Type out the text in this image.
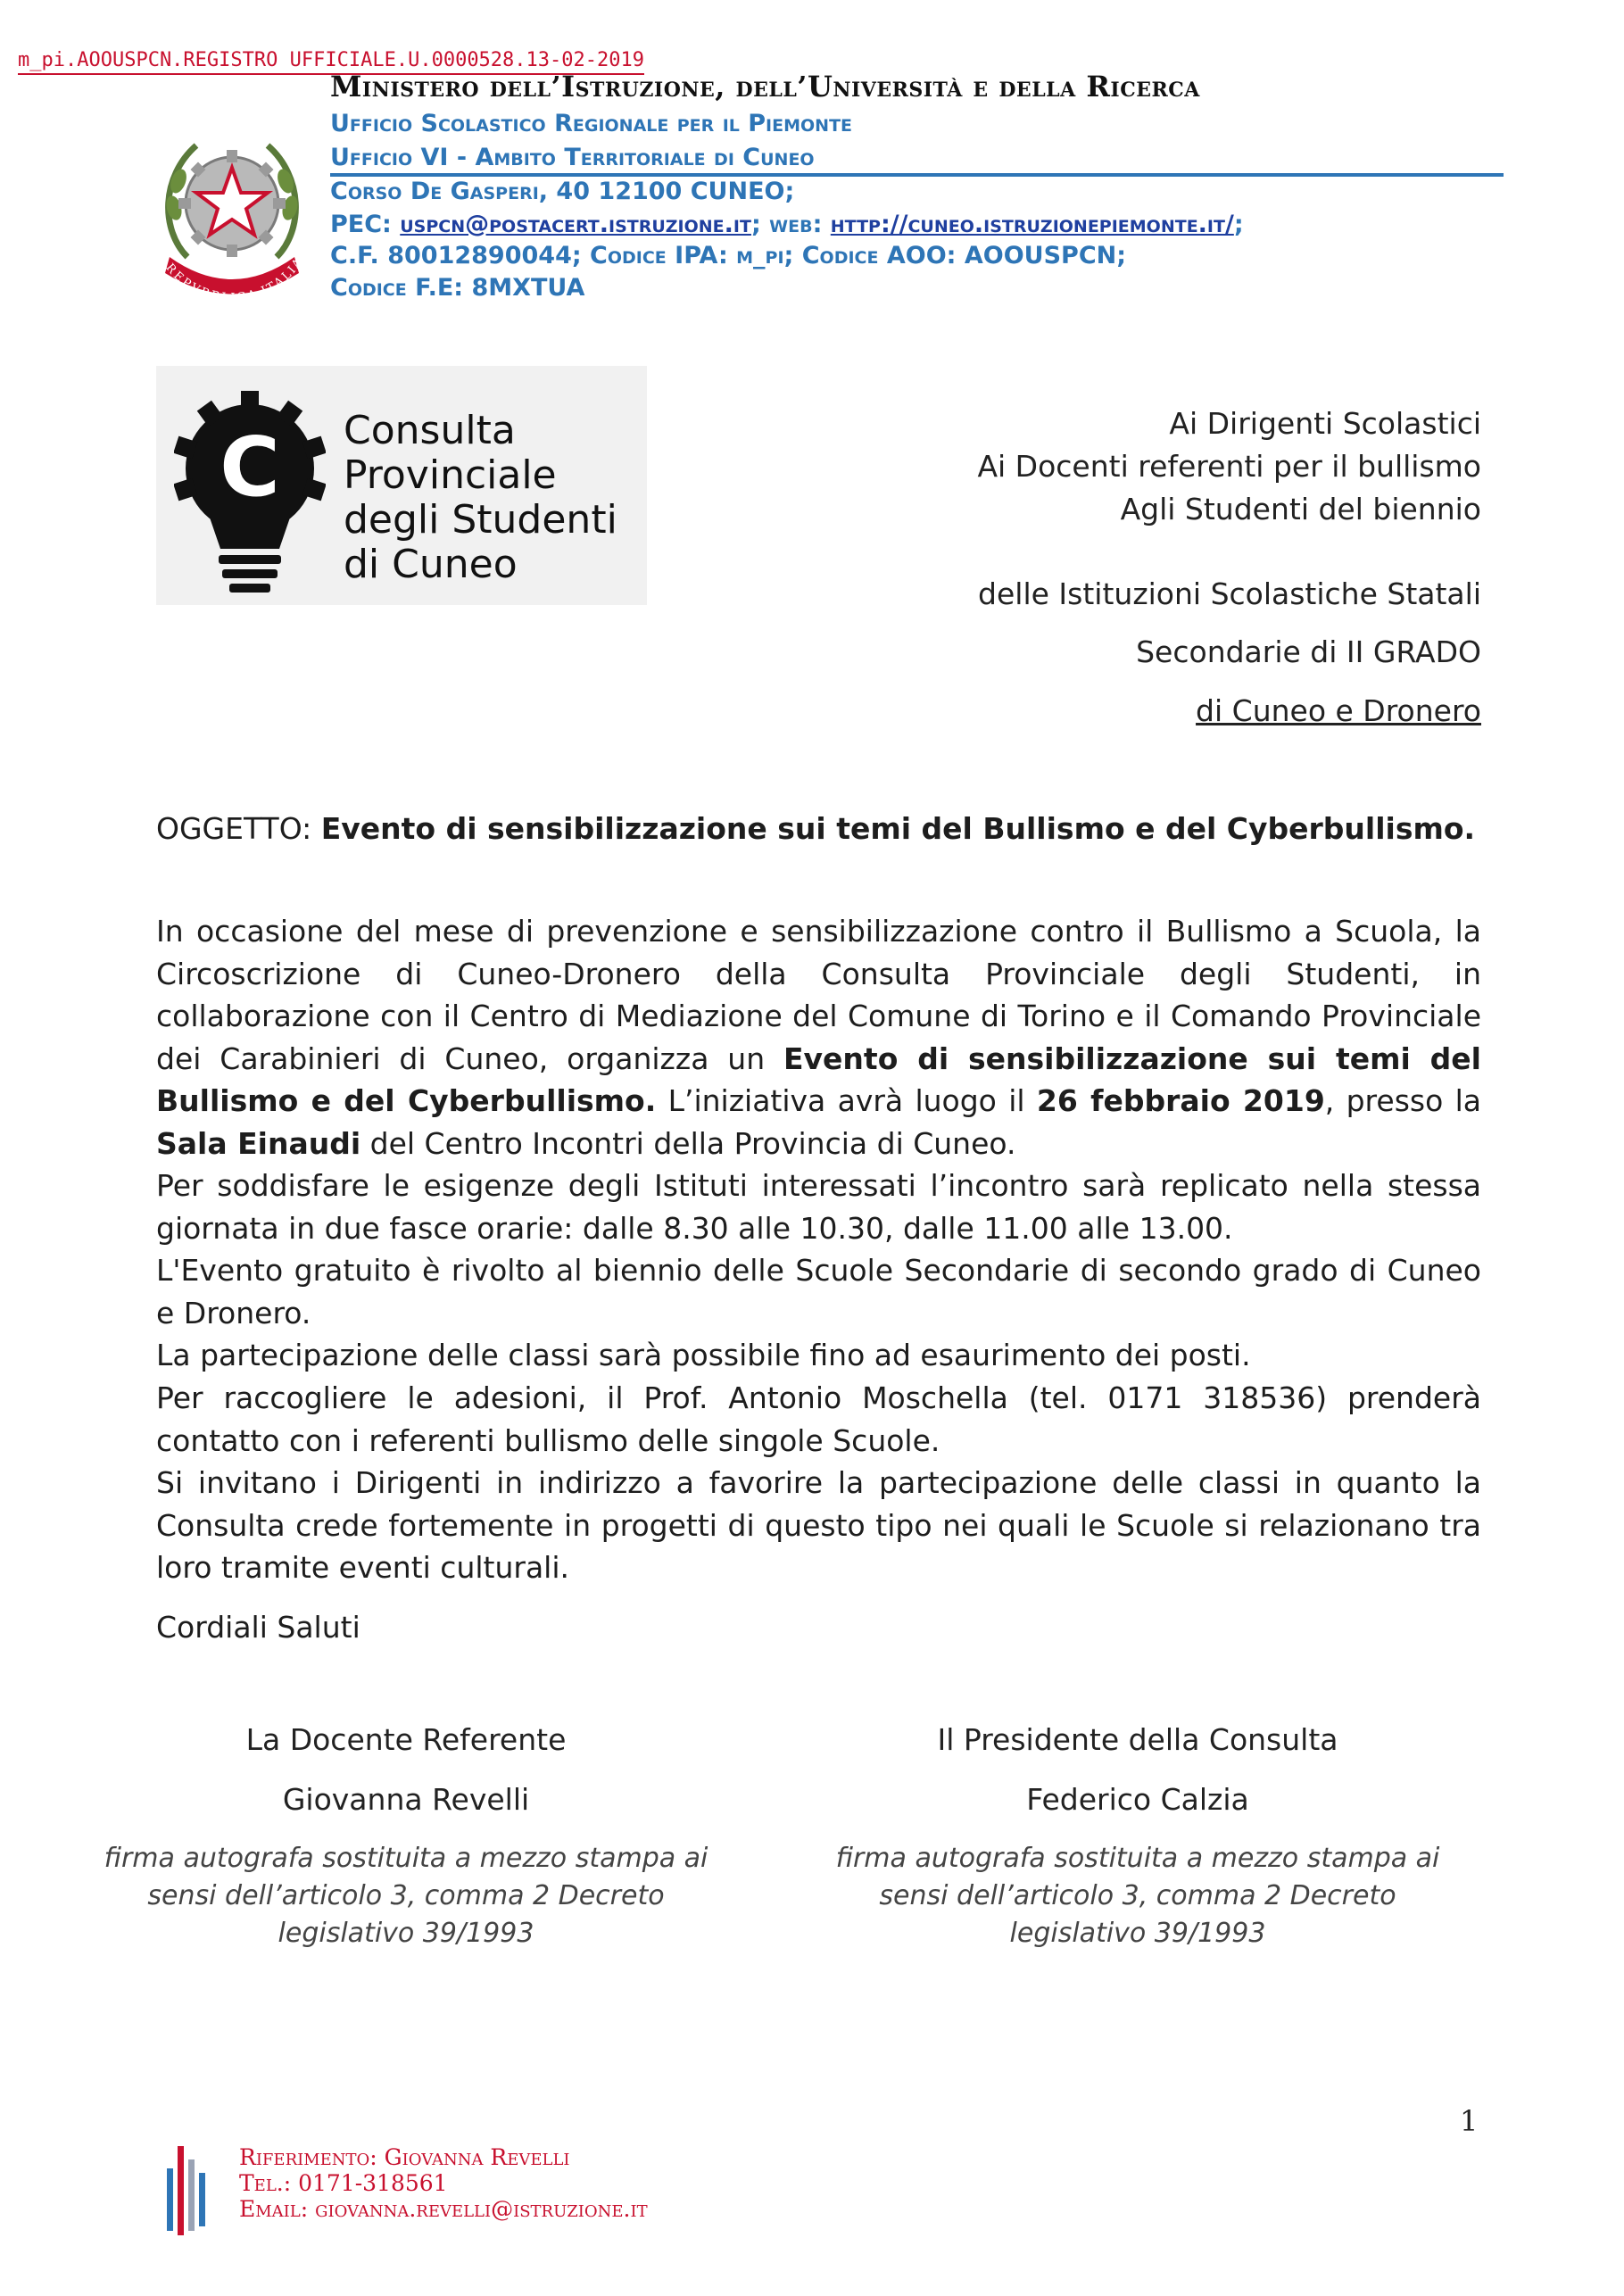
m_pi.AOOUSPCN.REGISTRO UFFICIALE.U.0000528.13-02-2019
Ministero dell’Istruzione, dell’Università e della Ricerca
Ufficio Scolastico Regionale per il Piemonte
Ufficio VI - Ambito Territoriale di Cuneo
Corso De Gasperi, 40 12100 CUNEO;
PEC: uspcn@postacert.istruzione.it; web: http://cuneo.istruzionepiemonte.it/;
C.F. 80012890044; Codice IPA: m_pi; Codice AOO: AOOUSPCN;
Codice F.E: 8MXTUA
REPVBBLICA ITALIA
C Consulta
Provinciale
degli Studenti
di Cuneo
Ai Dirigenti Scolastici
Ai Docenti referenti per il bullismo
Agli Studenti del biennio
delle Istituzioni Scolastiche Statali
Secondarie di II GRADO
di Cuneo e Dronero
OGGETTO: Evento di sensibilizzazione sui temi del Bullismo e del Cyberbullismo.
In occasione del mese di prevenzione e sensibilizzazione contro il Bullismo a Scuola, la Circoscrizione di Cuneo-Dronero della Consulta Provinciale degli Studenti, in collaborazione con il Centro di Mediazione del Comune di Torino e il Comando Provinciale dei Carabinieri di Cuneo, organizza un Evento di sensibilizzazione sui temi del Bullismo e del Cyberbullismo. L’iniziativa avrà luogo il 26 febbraio 2019, presso la Sala Einaudi del Centro Incontri della Provincia di Cuneo.
Per soddisfare le esigenze degli Istituti interessati l’incontro sarà replicato nella stessa giornata in due fasce orarie: dalle 8.30 alle 10.30, dalle 11.00 alle 13.00.
L'Evento gratuito è rivolto al biennio delle Scuole Secondarie di secondo grado di Cuneo e Dronero.
La partecipazione delle classi sarà possibile fino ad esaurimento dei posti.
Per raccogliere le adesioni, il Prof. Antonio Moschella (tel. 0171 318536) prenderà contatto con i referenti bullismo delle singole Scuole.
Si invitano i Dirigenti in indirizzo a favorire la partecipazione delle classi in quanto la Consulta crede fortemente in progetti di questo tipo nei quali le Scuole si relazionano tra loro tramite eventi culturali.
Cordiali Saluti
La Docente Referente
Giovanna Revelli
firma autografa sostituita a mezzo stampa ai sensi dell’articolo 3, comma 2 Decreto legislativo 39/1993
Il Presidente della Consulta
Federico Calzia
firma autografa sostituita a mezzo stampa ai sensi dell’articolo 3, comma 2 Decreto legislativo 39/1993
1
Riferimento: Giovanna Revelli
Tel.: 0171-318561
Email: giovanna.revelli@istruzione.it
